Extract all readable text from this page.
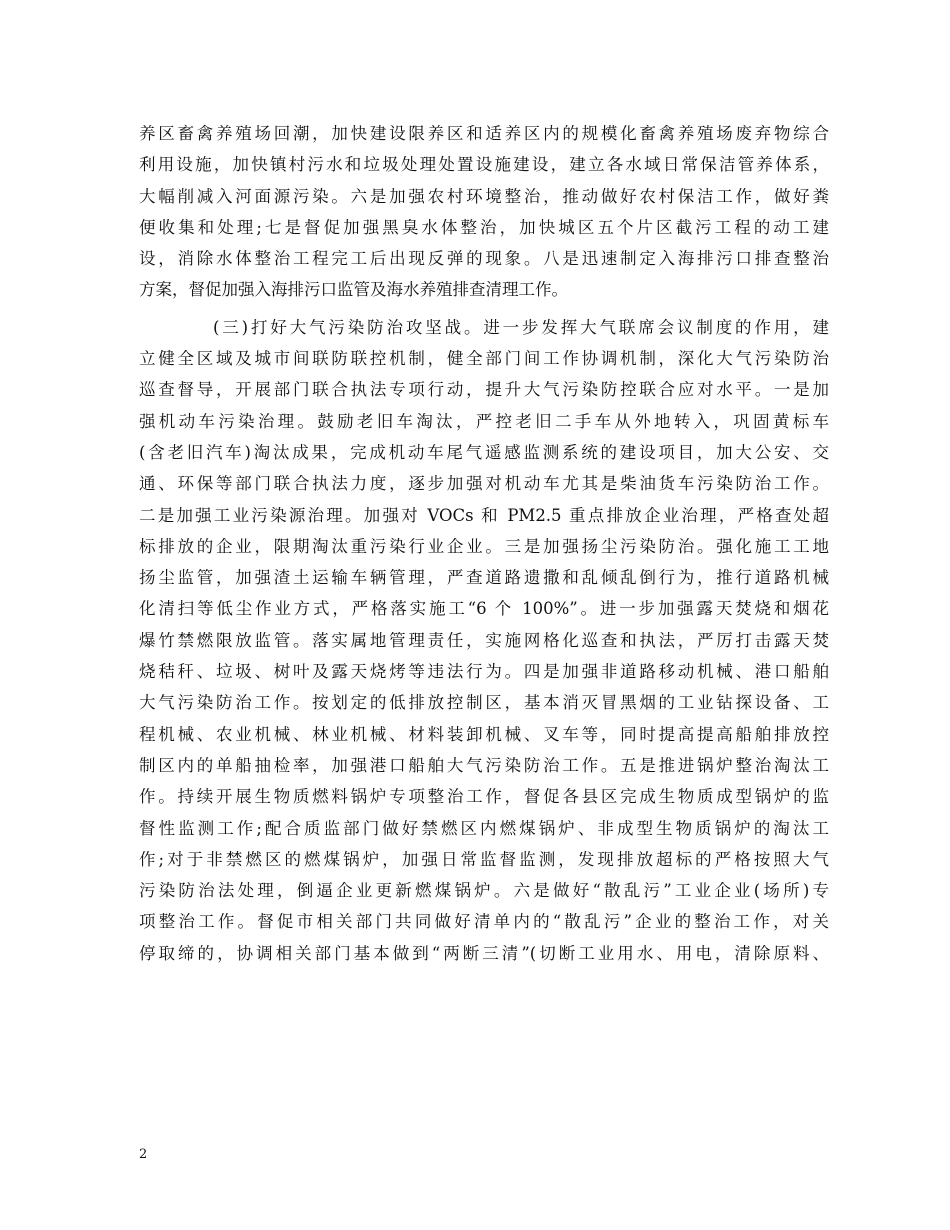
养区畜禽养殖场回潮，加快建设限养区和适养区内的规模化畜禽养殖场废弃物综合
利用设施，加快镇村污水和垃圾处理处置设施建设，建立各水域日常保洁管养体系，
大幅削减入河面源污染。六是加强农村环境整治，推动做好农村保洁工作，做好粪
便收集和处理;七是督促加强黑臭水体整治，加快城区五个片区截污工程的动工建
设，消除水体整治工程完工后出现反弹的现象。八是迅速制定入海排污口排查整治
方案，督促加强入海排污口监管及海水养殖排查清理工作。
(三)打好大气污染防治攻坚战。进一步发挥大气联席会议制度的作用，建
立健全区域及城市间联防联控机制，健全部门间工作协调机制，深化大气污染防治
巡查督导，开展部门联合执法专项行动，提升大气污染防控联合应对水平。一是加
强机动车污染治理。鼓励老旧车淘汰，严控老旧二手车从外地转入，巩固黄标车
(含老旧汽车)淘汰成果，完成机动车尾气遥感监测系统的建设项目，加大公安、交
通、环保等部门联合执法力度，逐步加强对机动车尤其是柴油货车污染防治工作。
二是加强工业污染源治理。加强对 VOCs 和 PM2.5 重点排放企业治理，严格查处超
标排放的企业，限期淘汰重污染行业企业。三是加强扬尘污染防治。强化施工工地
扬尘监管，加强渣土运输车辆管理，严查道路遗撒和乱倾乱倒行为，推行道路机械
化清扫等低尘作业方式，严格落实施工“6 个 100%”。进一步加强露天焚烧和烟花
爆竹禁燃限放监管。落实属地管理责任，实施网格化巡查和执法，严厉打击露天焚
烧秸秆、垃圾、树叶及露天烧烤等违法行为。四是加强非道路移动机械、港口船舶
大气污染防治工作。按划定的低排放控制区，基本消灭冒黑烟的工业钻探设备、工
程机械、农业机械、林业机械、材料装卸机械、叉车等，同时提高提高船舶排放控
制区内的单船抽检率，加强港口船舶大气污染防治工作。五是推进锅炉整治淘汰工
作。持续开展生物质燃料锅炉专项整治工作，督促各县区完成生物质成型锅炉的监
督性监测工作;配合质监部门做好禁燃区内燃煤锅炉、非成型生物质锅炉的淘汰工
作;对于非禁燃区的燃煤锅炉，加强日常监督监测，发现排放超标的严格按照大气
污染防治法处理，倒逼企业更新燃煤锅炉。六是做好“散乱污”工业企业(场所)专
项整治工作。督促市相关部门共同做好清单内的“散乱污”企业的整治工作，对关
停取缔的，协调相关部门基本做到“两断三清”(切断工业用水、用电，清除原料、
2
